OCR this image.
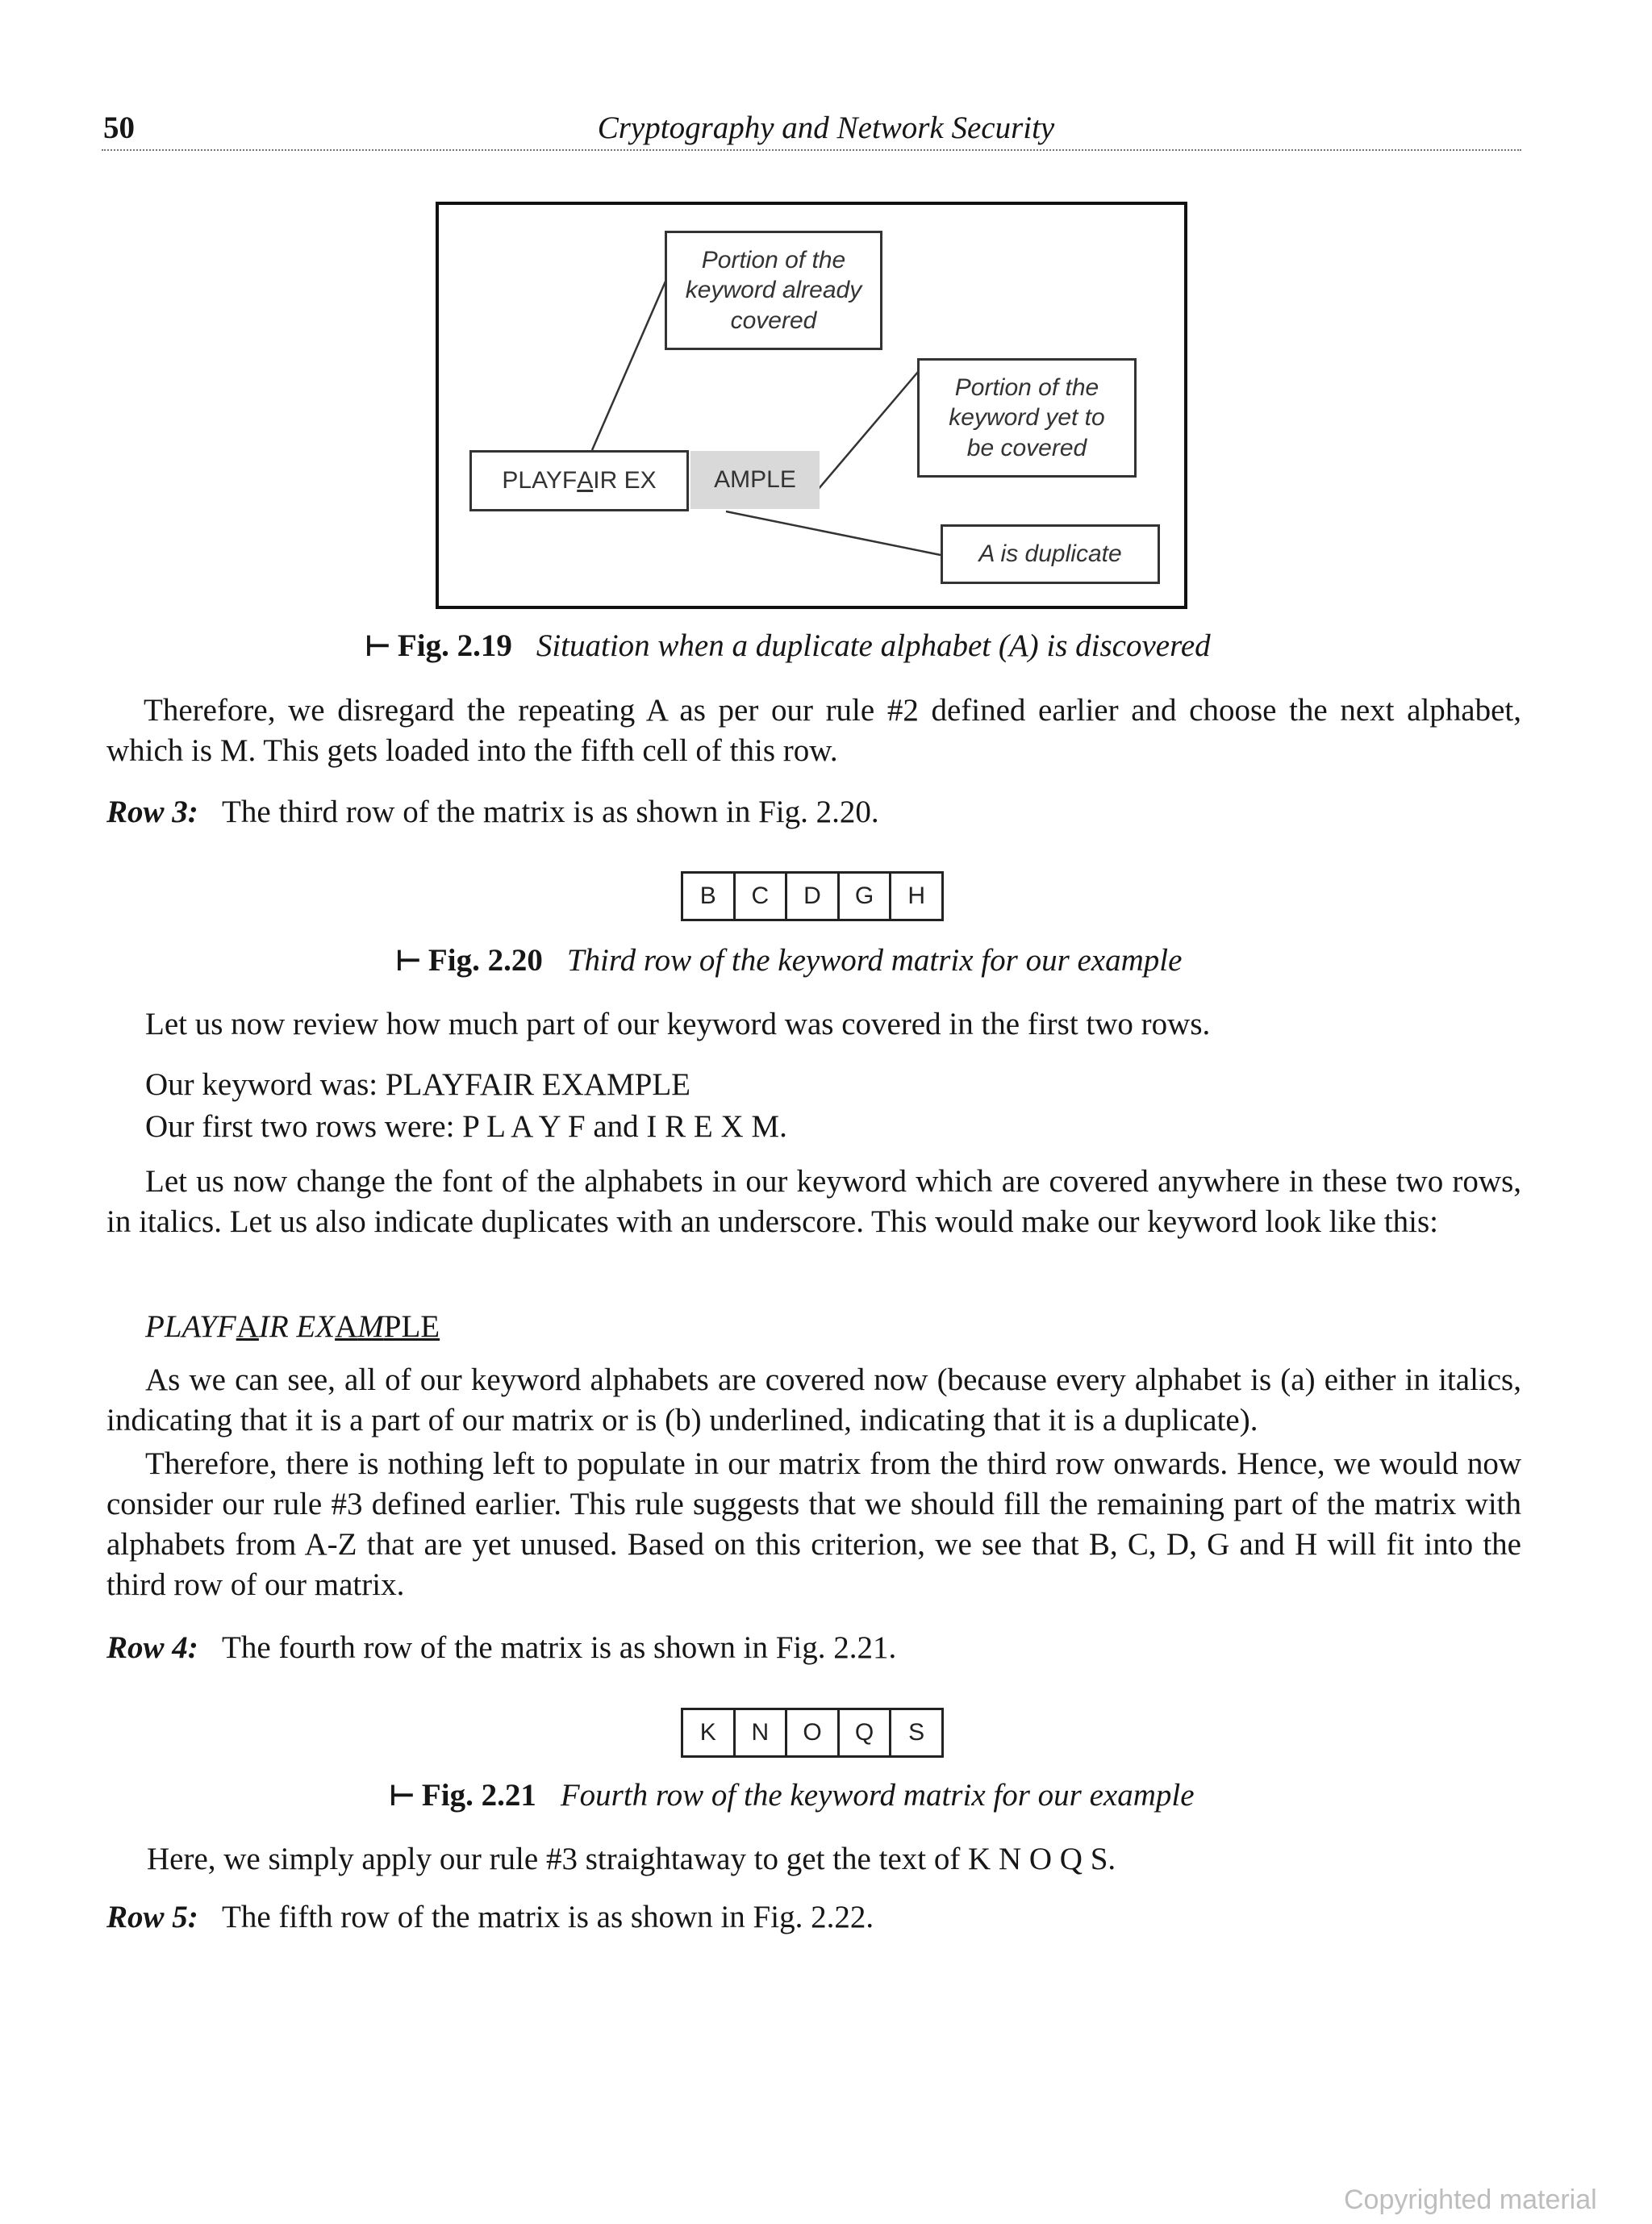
50	Cryptography and Network Security
Portion of the
keyword already
covered
Portion of the
keyword yet to
be covered
PLAYF A IR EX	AMPLE
A is duplicate
⊢ Fig. 2.19 Situation when a duplicate alphabet (A) is discovered
Therefore, we disregard the repeating A as per our rule #2 defined earlier and choose the next alphabet, which is M. This gets loaded into the fifth cell of this row.
Row 3: The third row of the matrix is as shown in Fig. 2.20.
B	C	D	G	H
⊢ Fig. 2.20 Third row of the keyword matrix for our example
Let us now review how much part of our keyword was covered in the first two rows.
Our keyword was: PLAYFAIR EXAMPLE
Our first two rows were: P L A Y F and I R E X M.
Let us now change the font of the alphabets in our keyword which are covered anywhere in these two rows, in italics. Let us also indicate duplicates with an underscore. This would make our keyword look like this:
PLAYFAIR EXAMPLE
As we can see, all of our keyword alphabets are covered now (because every alphabet is (a) either in italics, indicating that it is a part of our matrix or is (b) underlined, indicating that it is a duplicate).
Therefore, there is nothing left to populate in our matrix from the third row onwards. Hence, we would now consider our rule #3 defined earlier. This rule suggests that we should fill the remaining part of the matrix with alphabets from A-Z that are yet unused. Based on this criterion, we see that B, C, D, G and H will fit into the third row of our matrix.
Row 4: The fourth row of the matrix is as shown in Fig. 2.21.
K	N	O	Q	S
⊢ Fig. 2.21 Fourth row of the keyword matrix for our example
Here, we simply apply our rule #3 straightaway to get the text of K N O Q S.
Row 5: The fifth row of the matrix is as shown in Fig. 2.22.
Copyrighted material
